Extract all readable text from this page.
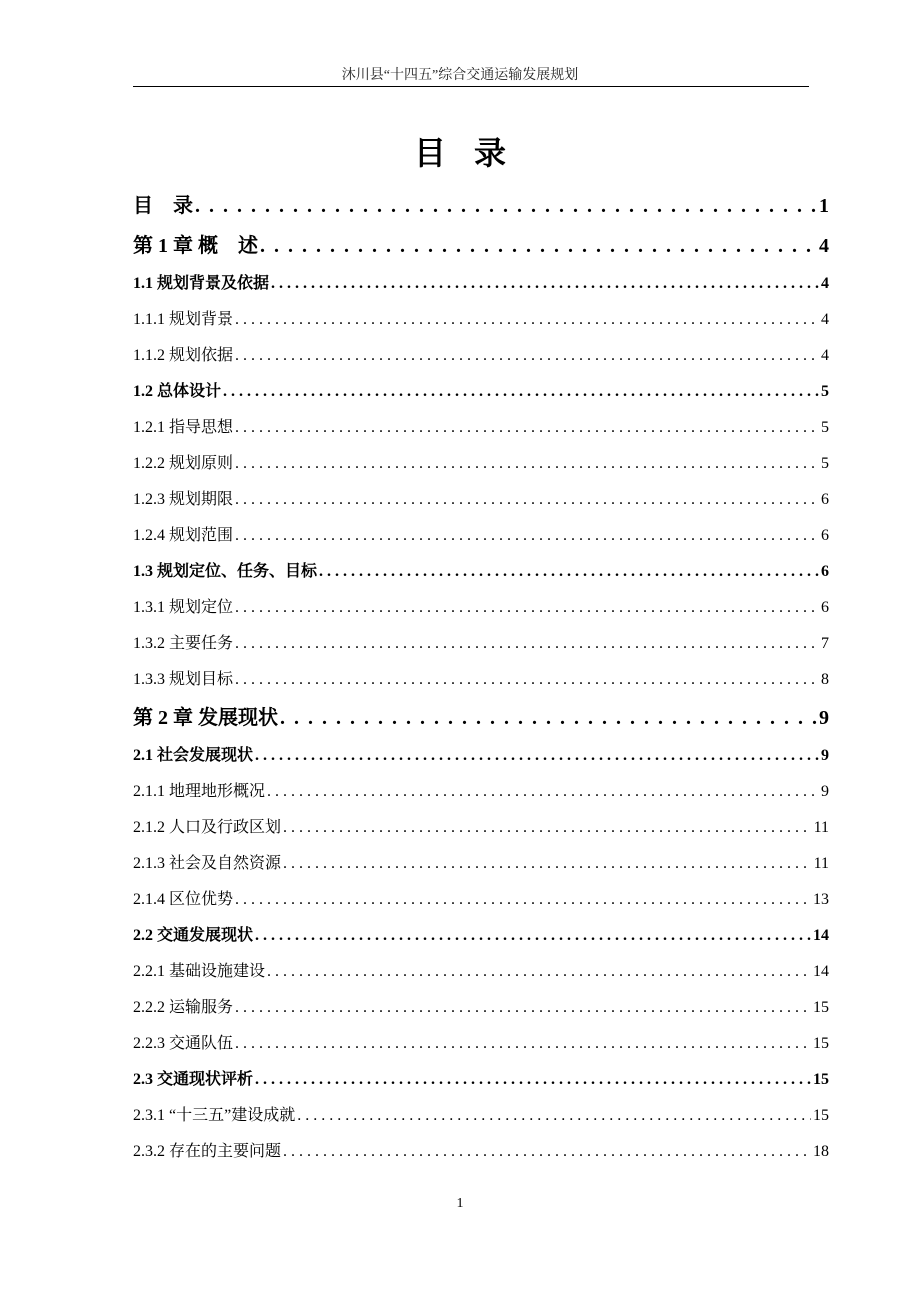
沐川县“十四五”综合交通运输发展规划
目录
目　录 . . .	1
第 1 章 概　述 . . .	4
1.1 规划背景及依据 . . .	4
1.1.1 规划背景 . . .	4
1.1.2 规划依据 . . .	4
1.2 总体设计 . . .	5
1.2.1 指导思想 . . .	5
1.2.2 规划原则 . . .	5
1.2.3 规划期限 . . .	6
1.2.4 规划范围 . . .	6
1.3 规划定位、任务、目标 . . .	6
1.3.1 规划定位 . . .	6
1.3.2 主要任务 . . .	7
1.3.3 规划目标 . . .	8
第 2 章 发展现状 . . .	9
2.1 社会发展现状 . . .	9
2.1.1 地理地形概况 . . .	9
2.1.2 人口及行政区划 . . .	11
2.1.3 社会及自然资源 . . .	11
2.1.4 区位优势 . . .	13
2.2 交通发展现状 . . .	14
2.2.1 基础设施建设 . . .	14
2.2.2 运输服务 . . .	15
2.2.3 交通队伍 . . .	15
2.3 交通现状评析 . . .	15
2.3.1 “十三五”建设成就 . . .	15
2.3.2 存在的主要问题 . . .	18
1
